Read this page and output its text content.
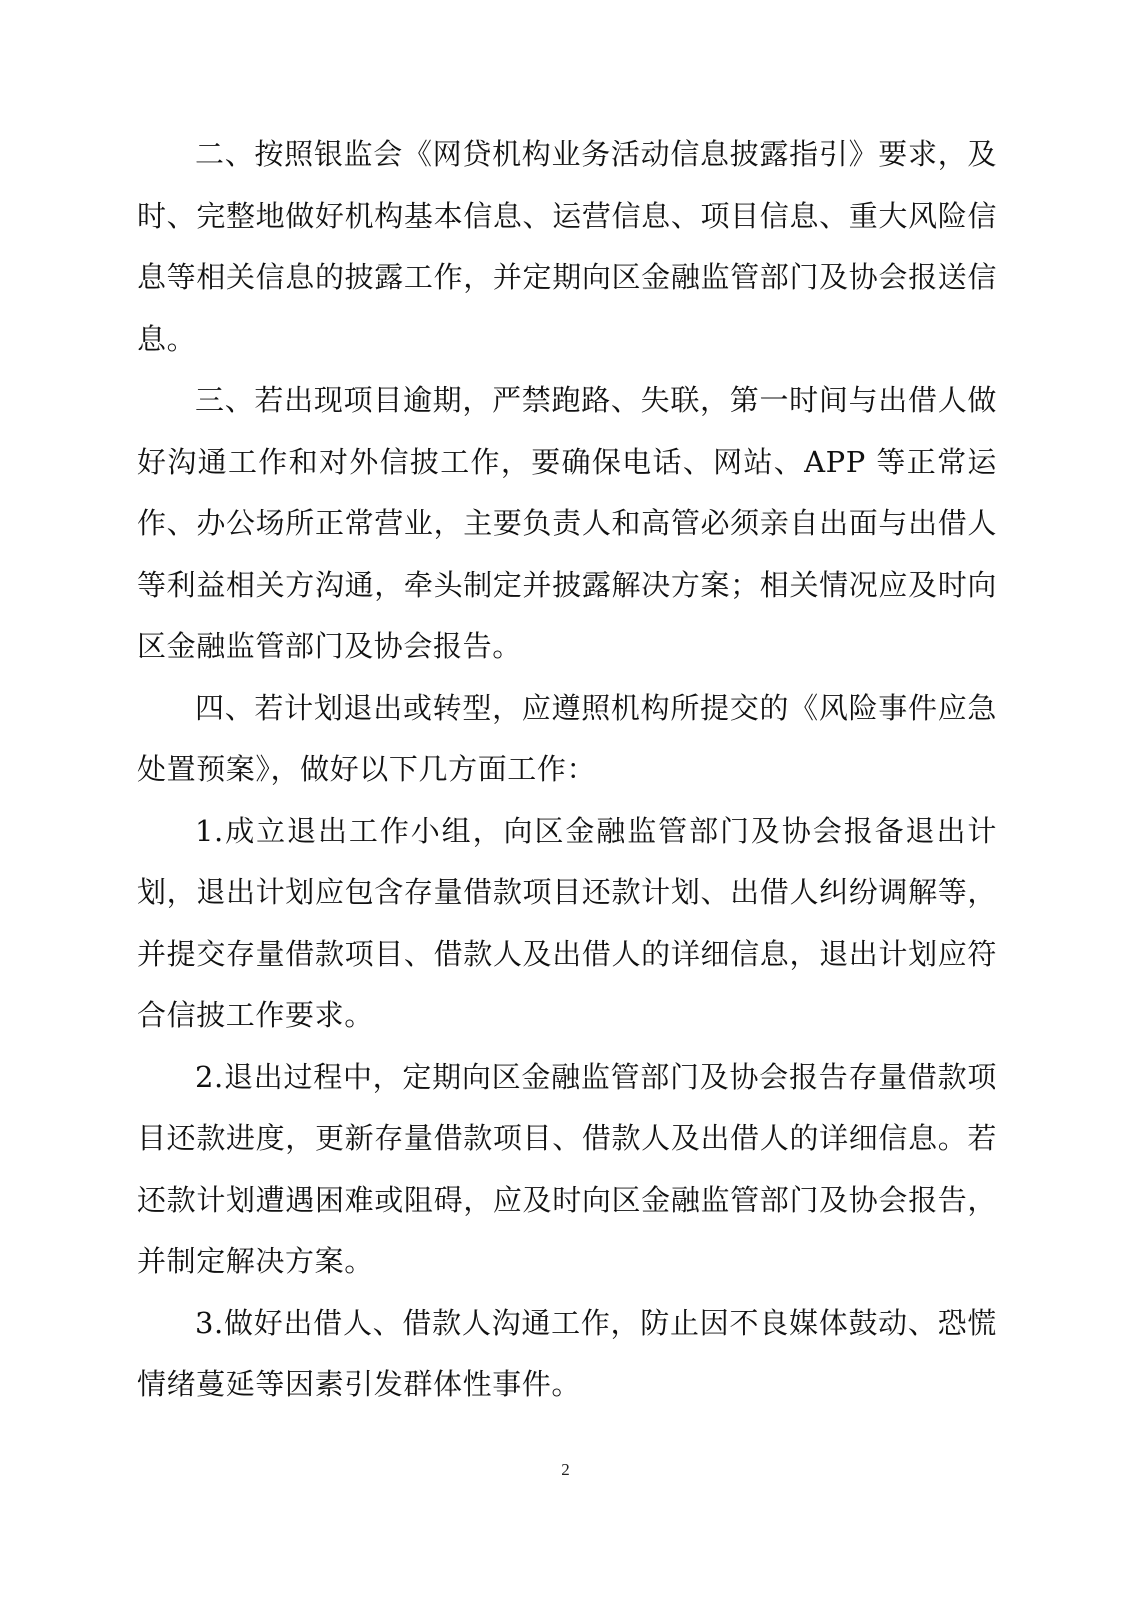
二、按照银监会《网贷机构业务活动信息披露指引》要求，及时、完整地做好机构基本信息、运营信息、项目信息、重大风险信息等相关信息的披露工作，并定期向区金融监管部门及协会报送信息。

三、若出现项目逾期，严禁跑路、失联，第一时间与出借人做好沟通工作和对外信披工作，要确保电话、网站、APP 等正常运作、办公场所正常营业，主要负责人和高管必须亲自出面与出借人等利益相关方沟通，牵头制定并披露解决方案；相关情况应及时向区金融监管部门及协会报告。

四、若计划退出或转型，应遵照机构所提交的《风险事件应急处置预案》，做好以下几方面工作：

1.成立退出工作小组，向区金融监管部门及协会报备退出计划，退出计划应包含存量借款项目还款计划、出借人纠纷调解等，并提交存量借款项目、借款人及出借人的详细信息，退出计划应符合信披工作要求。

2.退出过程中，定期向区金融监管部门及协会报告存量借款项目还款进度，更新存量借款项目、借款人及出借人的详细信息。若还款计划遭遇困难或阻碍，应及时向区金融监管部门及协会报告，并制定解决方案。

3.做好出借人、借款人沟通工作，防止因不良媒体鼓动、恐慌情绪蔓延等因素引发群体性事件。

2
